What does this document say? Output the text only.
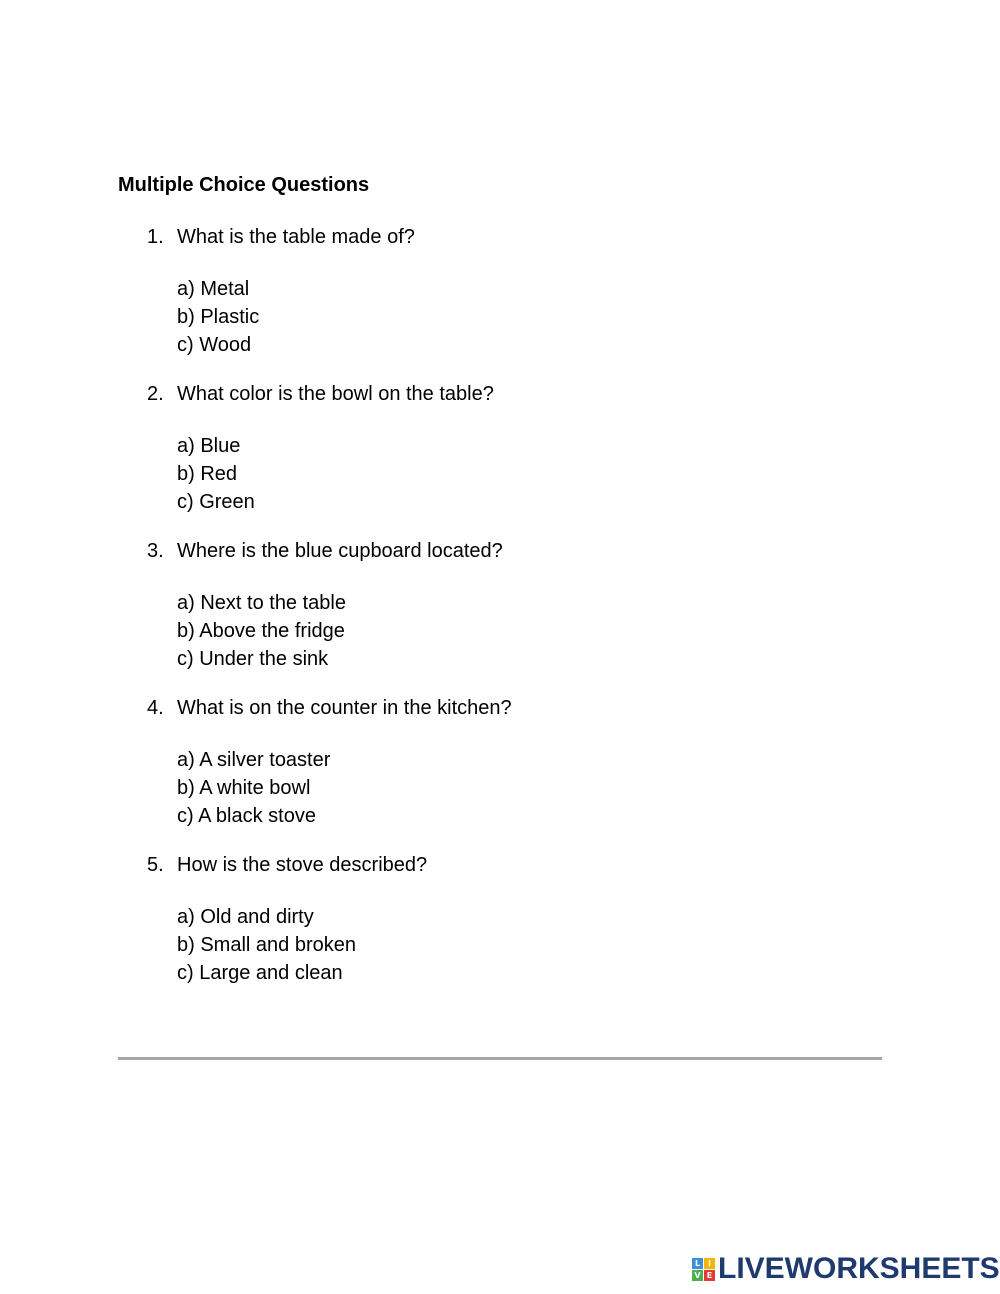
Multiple Choice Questions
1. What is the table made of?
a) Metal
b) Plastic
c) Wood
2. What color is the bowl on the table?
a) Blue
b) Red
c) Green
3. Where is the blue cupboard located?
a) Next to the table
b) Above the fridge
c) Under the sink
4. What is on the counter in the kitchen?
a) A silver toaster
b) A white bowl
c) A black stove
5. How is the stove described?
a) Old and dirty
b) Small and broken
c) Large and clean
L I
V E LIVEWORKSHEETS
